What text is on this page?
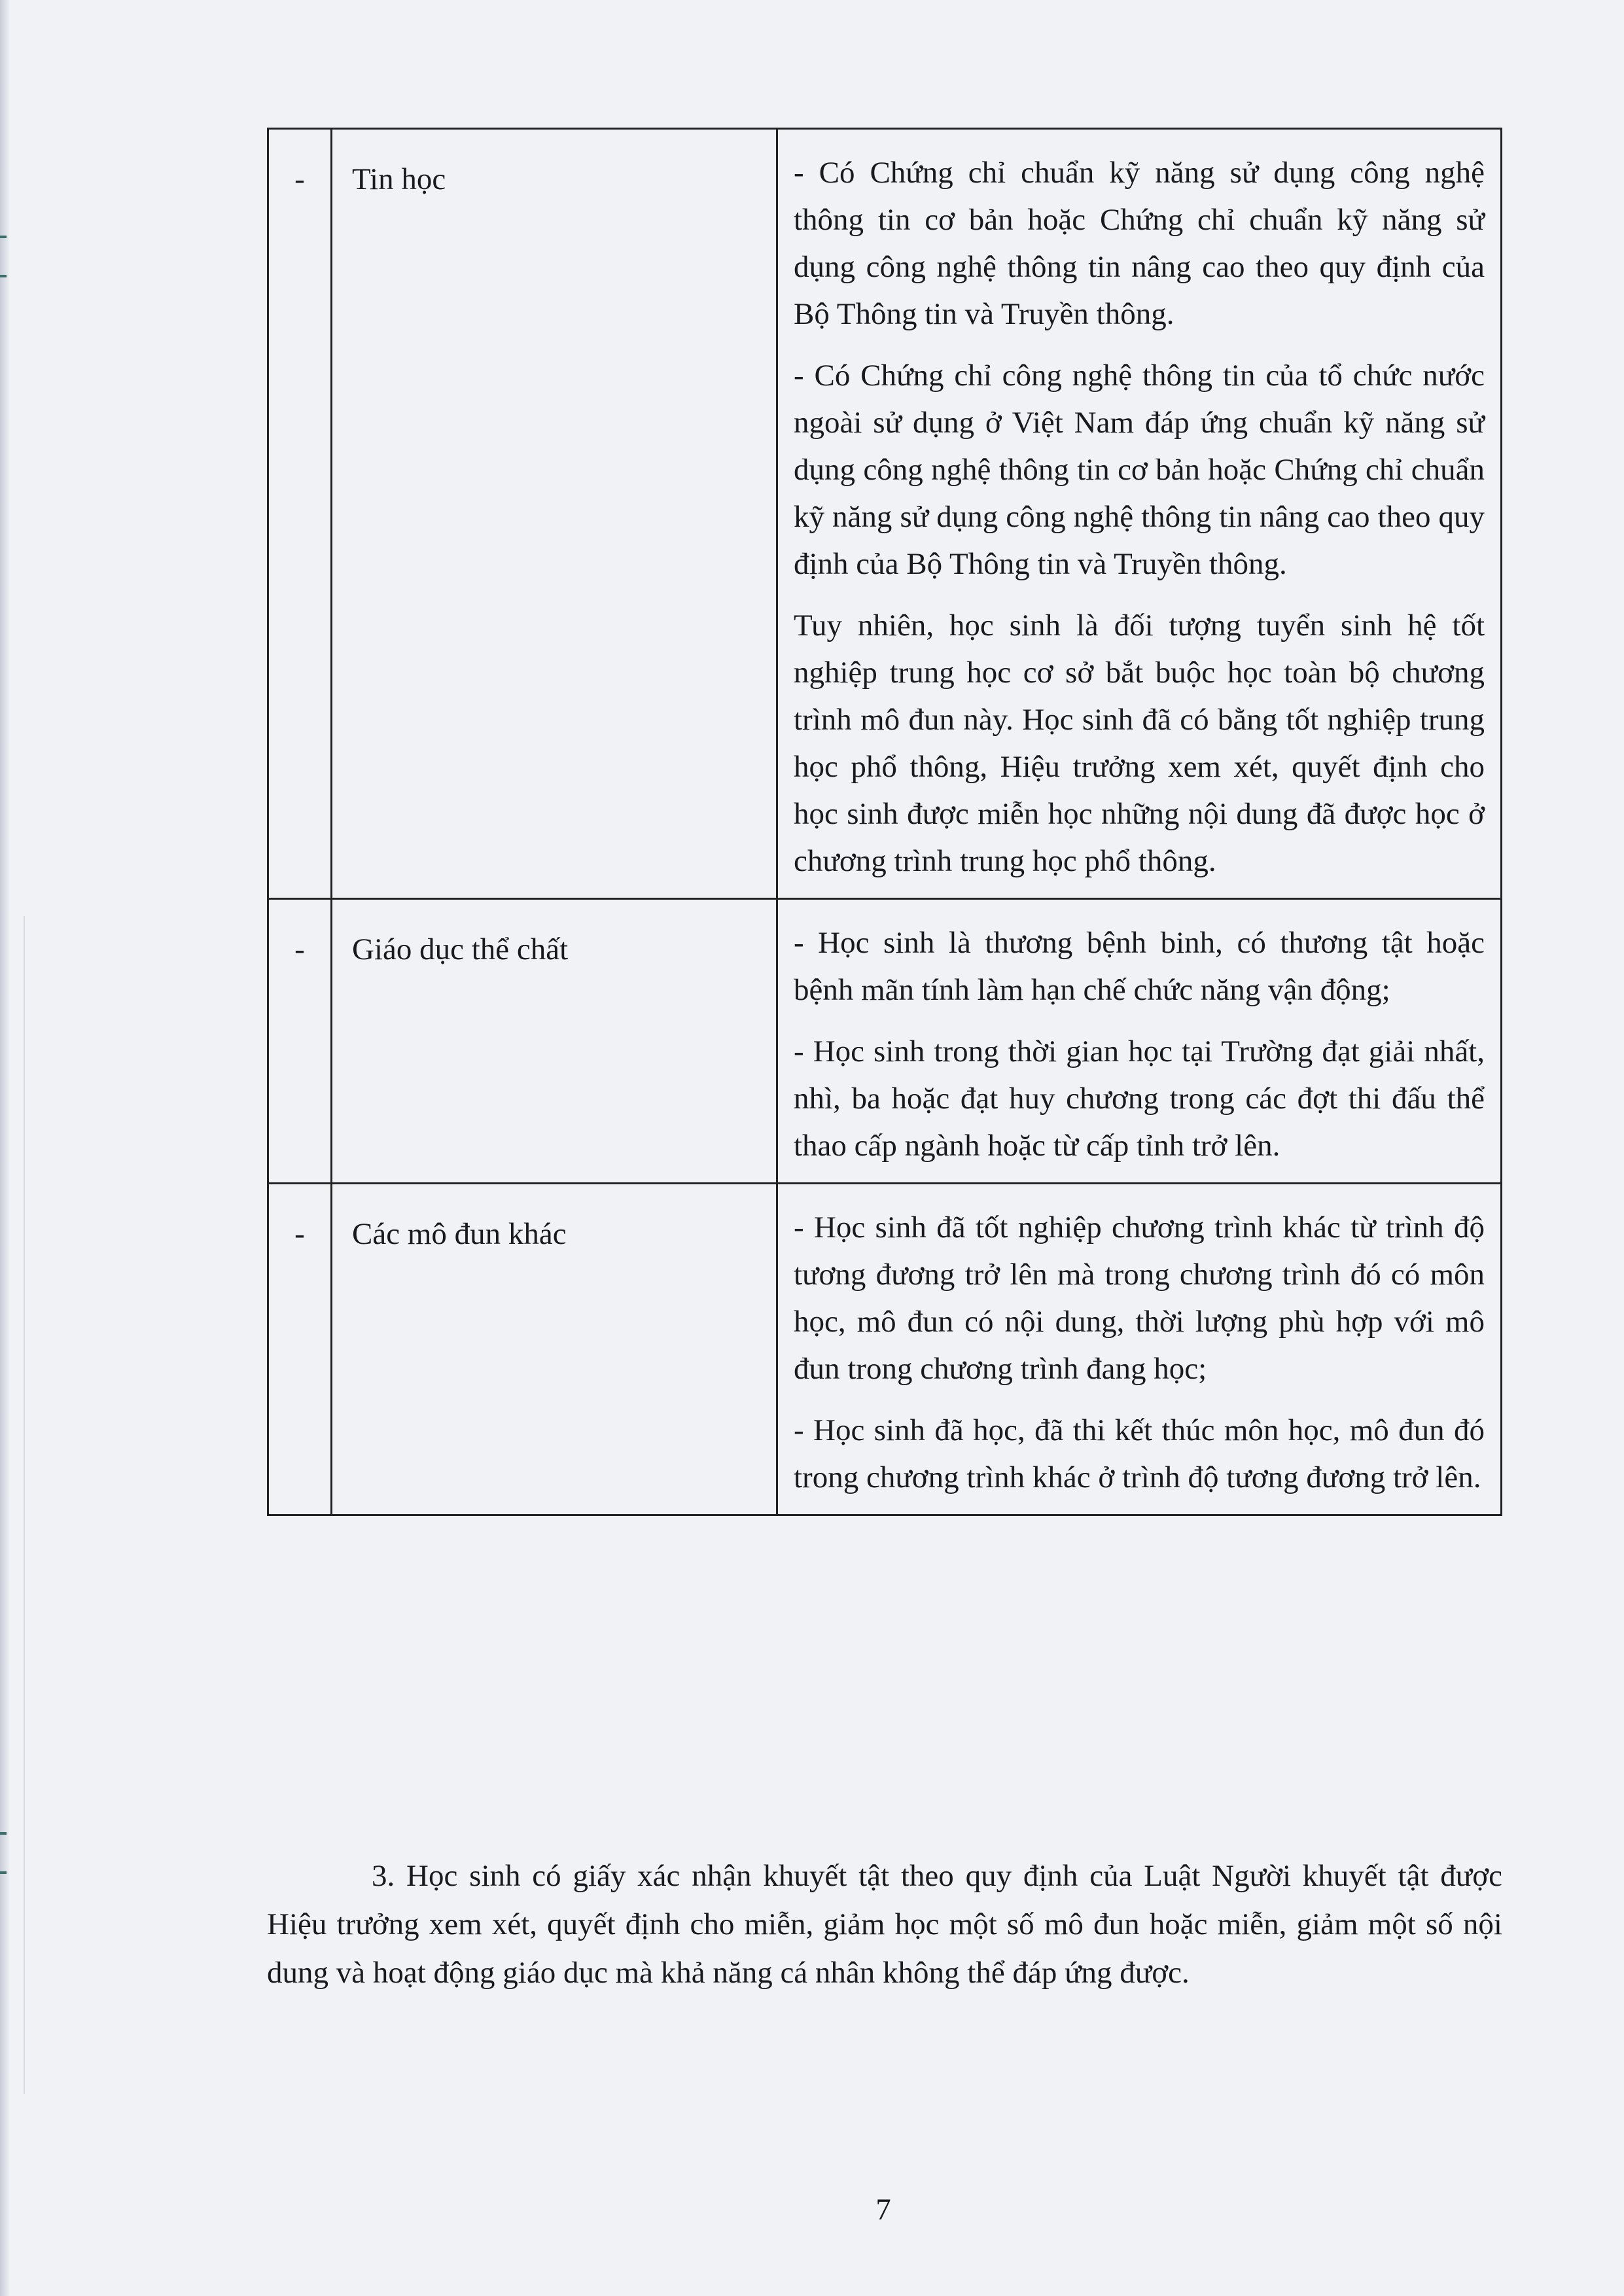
-	Tin học	- Có Chứng chỉ chuẩn kỹ năng sử dụng công nghệ thông tin cơ bản hoặc Chứng chỉ chuẩn kỹ năng sử dụng công nghệ thông tin nâng cao theo quy định của Bộ Thông tin và Truyền thông.

- Có Chứng chỉ công nghệ thông tin của tổ chức nước ngoài sử dụng ở Việt Nam đáp ứng chuẩn kỹ năng sử dụng công nghệ thông tin cơ bản hoặc Chứng chỉ chuẩn kỹ năng sử dụng công nghệ thông tin nâng cao theo quy định của Bộ Thông tin và Truyền thông.

Tuy nhiên, học sinh là đối tượng tuyển sinh hệ tốt nghiệp trung học cơ sở bắt buộc học toàn bộ chương trình mô đun này. Học sinh đã có bằng tốt nghiệp trung học phổ thông, Hiệu trưởng xem xét, quyết định cho học sinh được miễn học những nội dung đã được học ở chương trình trung học phổ thông.

-	Giáo dục thể chất	- Học sinh là thương bệnh binh, có thương tật hoặc bệnh mãn tính làm hạn chế chức năng vận động;

- Học sinh trong thời gian học tại Trường đạt giải nhất, nhì, ba hoặc đạt huy chương trong các đợt thi đấu thể thao cấp ngành hoặc từ cấp tỉnh trở lên.

-	Các mô đun khác	- Học sinh đã tốt nghiệp chương trình khác từ trình độ tương đương trở lên mà trong chương trình đó có môn học, mô đun có nội dung, thời lượng phù hợp với mô đun trong chương trình đang học;

- Học sinh đã học, đã thi kết thúc môn học, mô đun đó trong chương trình khác ở trình độ tương đương trở lên.

3. Học sinh có giấy xác nhận khuyết tật theo quy định của Luật Người khuyết tật được Hiệu trưởng xem xét, quyết định cho miễn, giảm học một số mô đun hoặc miễn, giảm một số nội dung và hoạt động giáo dục mà khả năng cá nhân không thể đáp ứng được.

7
